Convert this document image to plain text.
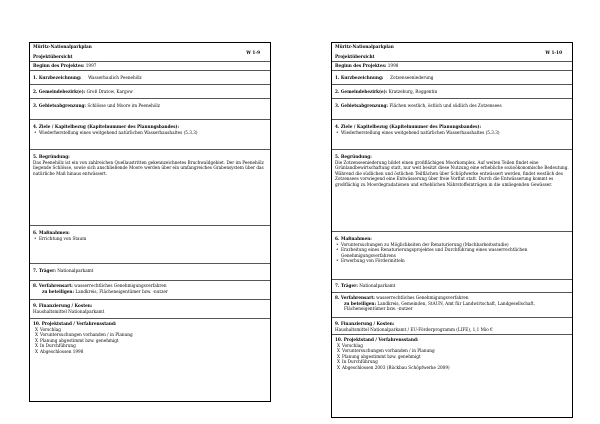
Müritz-Nationalparkplan
W 1-9
Projektübersicht
Beginn des Projektes: 1997
1. Kurzbezeichnung: Wasserbaulich Peenehölz
2. Gemeindebezirk(e): Groß Dratow, Kargow
3. Gebietsabgrenzung: Schlösse und Moore im Peenehölz
4. Ziele / Kapitelbezug (Kapitelnummer des Planungsbandes):
• Wiederherstellung eines weitgehend natürlichen Wasserhaushaltes (5.3.3)
5. Begründung:
Das Peenehölz ist ein von zahlreichen Quellaustritten gekennzeichnetes Bruchwaldgebiet. Der im Peenehölz liegende Schlösse, sowie sich anschließende Moore werden über ein umfangreiches Grabensystem über das natürliche Maß hinaus entwässert.
6. Maßnahmen:
• Errichtung von Staum
7. Träger: Nationalparkamt
8. Verfahrensart: wasserrechtliches Genehmigungsverfahren
zu beteiligen: Landkreis, Flächeneigentümer bzw. -nutzer
9. Finanzierung / Kosten:
Haushaltsmittel Nationalparkamt
10. Projektstand / Verfahrensstand:
X Vorschlag
X Voruntersuchungen vorhanden / in Planung
X Planung abgestimmt bzw. genehmigt
X In Durchführung
X Abgeschlossen 1998
Müritz-Nationalparkplan
W 1-10
Projektübersicht
Beginn des Projektes: 1998
1. Kurzbezeichnung: Zotzenseeniederung
2. Gemeindebezirk(e): Kratzeburg, Roggentin
3. Gebietsabgrenzung: Flächen westlich, östlich und südlich des Zotzensees
4. Ziele / Kapitelbezug (Kapitelnummer des Planungsbandes):
• Wiederherstellung eines weitgehend natürlichen Wasserhaushaltes (5.3.3)
5. Begründung:
Die Zotzenseeniederung bildet einen großflächigen Moorkomplex. Auf weiten Teilen findet eine Grünlandbewirtschaftung statt, nur weit besitzt diese Nutzung eine erhebliche sozioökonomische Bedeutung. Während die südlichen und östlichen Teilflächen über Schöpfwerke entwässert werden, findet westlich des Zotzensees vorwiegend eine Entwässerung über freie Vorflut statt. Durch die Entwässerung kommt es großflächig zu Moordegradationen und erheblichen Nährstoffeinträgen in die umliegenden Gewässer.
6. Maßnahmen:
• Voruntersuchungen zu Möglichkeiten der Renaturierung (Machbarkeitsstudie)
• Erarbeitung eines Renaturierungsprojektes und Durchführung eines wasserrechtlichen Genehmigungsverfahrens
• Erwerbung von Förderinitteln
7. Träger: Nationalparkamt
8. Verfahrensart: wasserrechtliches Genehmigungsverfahren
zu beteiligen: Landkreis, Gemeinden, StAUN, Amt für Landwirtschaft, Landgesellschaft, Flächeneigentümer bzw. -nutzer
9. Finanzierung / Kosten:
Haushaltsmittel Nationalparkamt / EU-Förderprogramm (LIFE), 1,1 Mio €
10. Projektstand / Verfahrensstand:
X Vorschlag
X Voruntersuchungen vorhanden / in Planung
X Planung abgestimmt bzw. genehmigt
X In Durchführung
X Abgeschlossen 2003 (Rückbau Schöpfwerke 2009)
